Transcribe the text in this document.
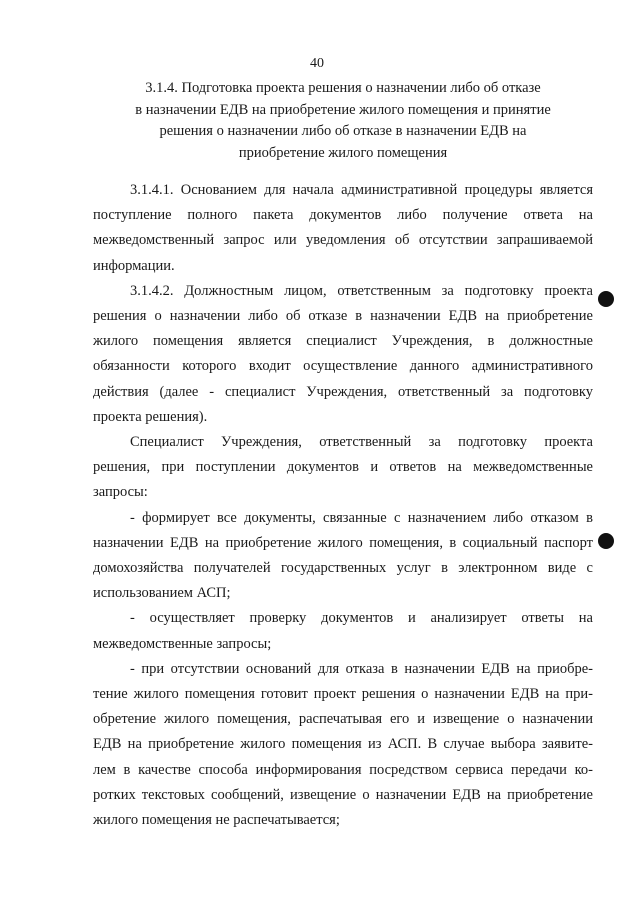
40
3.1.4. Подготовка проекта решения о назначении либо об отказе
в назначении ЕДВ на приобретение жилого помещения и принятие
решения о назначении либо об отказе в назначении ЕДВ на
приобретение жилого помещения
3.1.4.1. Основанием для начала административной процедуры является
поступление полного пакета документов либо получение ответа на
межведомственный запрос или уведомления об отсутствии запрашиваемой
информации.
3.1.4.2. Должностным лицом, ответственным за подготовку проекта
решения о назначении либо об отказе в назначении ЕДВ на приобретение
жилого помещения является специалист Учреждения, в должностные
обязанности которого входит осуществление данного административного
действия (далее - специалист Учреждения, ответственный за подготовку
проекта решения).
Специалист Учреждения, ответственный за подготовку проекта
решения, при поступлении документов и ответов на межведомственные
запросы:
- формирует все документы, связанные с назначением либо отказом в
назначении ЕДВ на приобретение жилого помещения, в социальный паспорт
домохозяйства получателей государственных услуг в электронном виде с
использованием АСП;
- осуществляет проверку документов и анализирует ответы на
межведомственные запросы;
- при отсутствии оснований для отказа в назначении ЕДВ на приобре-
тение жилого помещения готовит проект решения о назначении ЕДВ на при-
обретение жилого помещения, распечатывая его и извещение о назначении
ЕДВ на приобретение жилого помещения из АСП. В случае выбора заявите-
лем в качестве способа информирования посредством сервиса передачи ко-
ротких текстовых сообщений, извещение о назначении ЕДВ на приобретение
жилого помещения не распечатывается;
